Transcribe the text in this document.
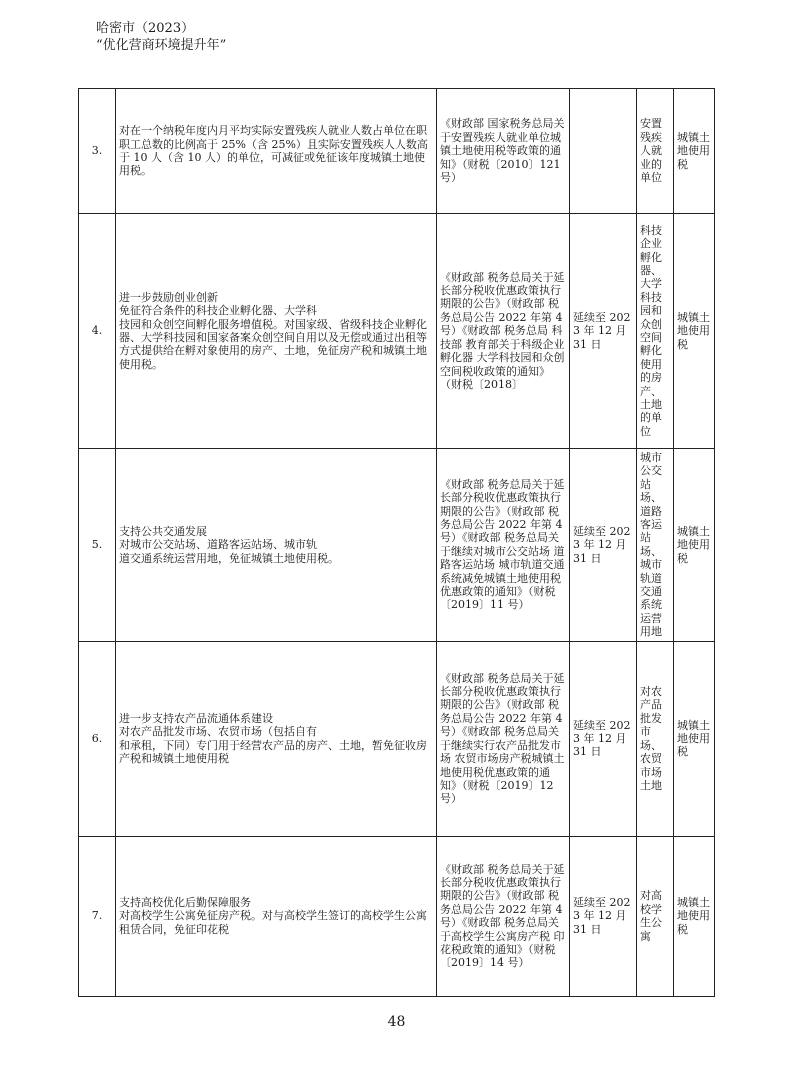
哈密市（2023）
“优化营商环境提升年”
3.	对在一个纳税年度内月平均实际安置残疾人就业人数占单位在职职工总数的比例高于 25%（含 25%）且实际安置残疾人人数高于 10 人（含 10 人）的单位，可减征或免征该年度城镇土地使用税。	《财政部 国家税务总局关于安置残疾人就业单位城镇土地使用税等政策的通知》（财税〔2010〕121 号）		安置残疾人就业的单位	城镇土地使用税
4.	进一步鼓励创业创新
免征符合条件的科技企业孵化器、大学科
技园和众创空间孵化服务增值税。对国家级、省级科技企业孵化器、大学科技园和国家备案众创空间自用以及无偿或通过出租等方式提供给在孵对象使用的房产、土地，免征房产税和城镇土地使用税。	《财政部 税务总局关于延长部分税收优惠政策执行期限的公告》（财政部 税务总局公告 2022 年第 4 号）《财政部 税务总局 科技部 教育部关于科级企业孵化器 大学科技园和众创空间税收政策的通知》（财税〔2018〕	延续至 2023 年 12 月 31 日	科技企业孵化器、大学科技园和众创空间孵化使用的房产、土地的单位	城镇土地使用税
5.	支持公共交通发展
对城市公交站场、道路客运站场、城市轨
道交通系统运营用地，免征城镇土地使用税。	《财政部 税务总局关于延长部分税收优惠政策执行期限的公告》（财政部 税务总局公告 2022 年第 4 号）《财政部 税务总局关于继续对城市公交站场 道路客运站场 城市轨道交通系统减免城镇土地使用税优惠政策的通知》（财税〔2019〕11 号）	延续至 2023 年 12 月 31 日	城市公交站场、道路客运站场、城市轨道交通系统运营用地	城镇土地使用税
6.	进一步支持农产品流通体系建设
对农产品批发市场、农贸市场（包括自有
和承租，下同）专门用于经营农产品的房产、土地，暂免征收房产税和城镇土地使用税	《财政部 税务总局关于延长部分税收优惠政策执行期限的公告》（财政部 税务总局公告 2022 年第 4 号）《财政部 税务总局关于继续实行农产品批发市场 农贸市场房产税城镇土地使用税优惠政策的通知》（财税〔2019〕12 号）	延续至 2023 年 12 月 31 日	对农产品批发市场、农贸市场土地	城镇土地使用税
7.	支持高校优化后勤保障服务
对高校学生公寓免征房产税。对与高校学生签订的高校学生公寓租赁合同，免征印花税	《财政部 税务总局关于延长部分税收优惠政策执行期限的公告》（财政部 税务总局公告 2022 年第 4 号）《财政部 税务总局关于高校学生公寓房产税 印花税政策的通知》（财税〔2019〕14 号）	延续至 2023 年 12 月 31 日	对高校学生公寓	城镇土地使用税
48
